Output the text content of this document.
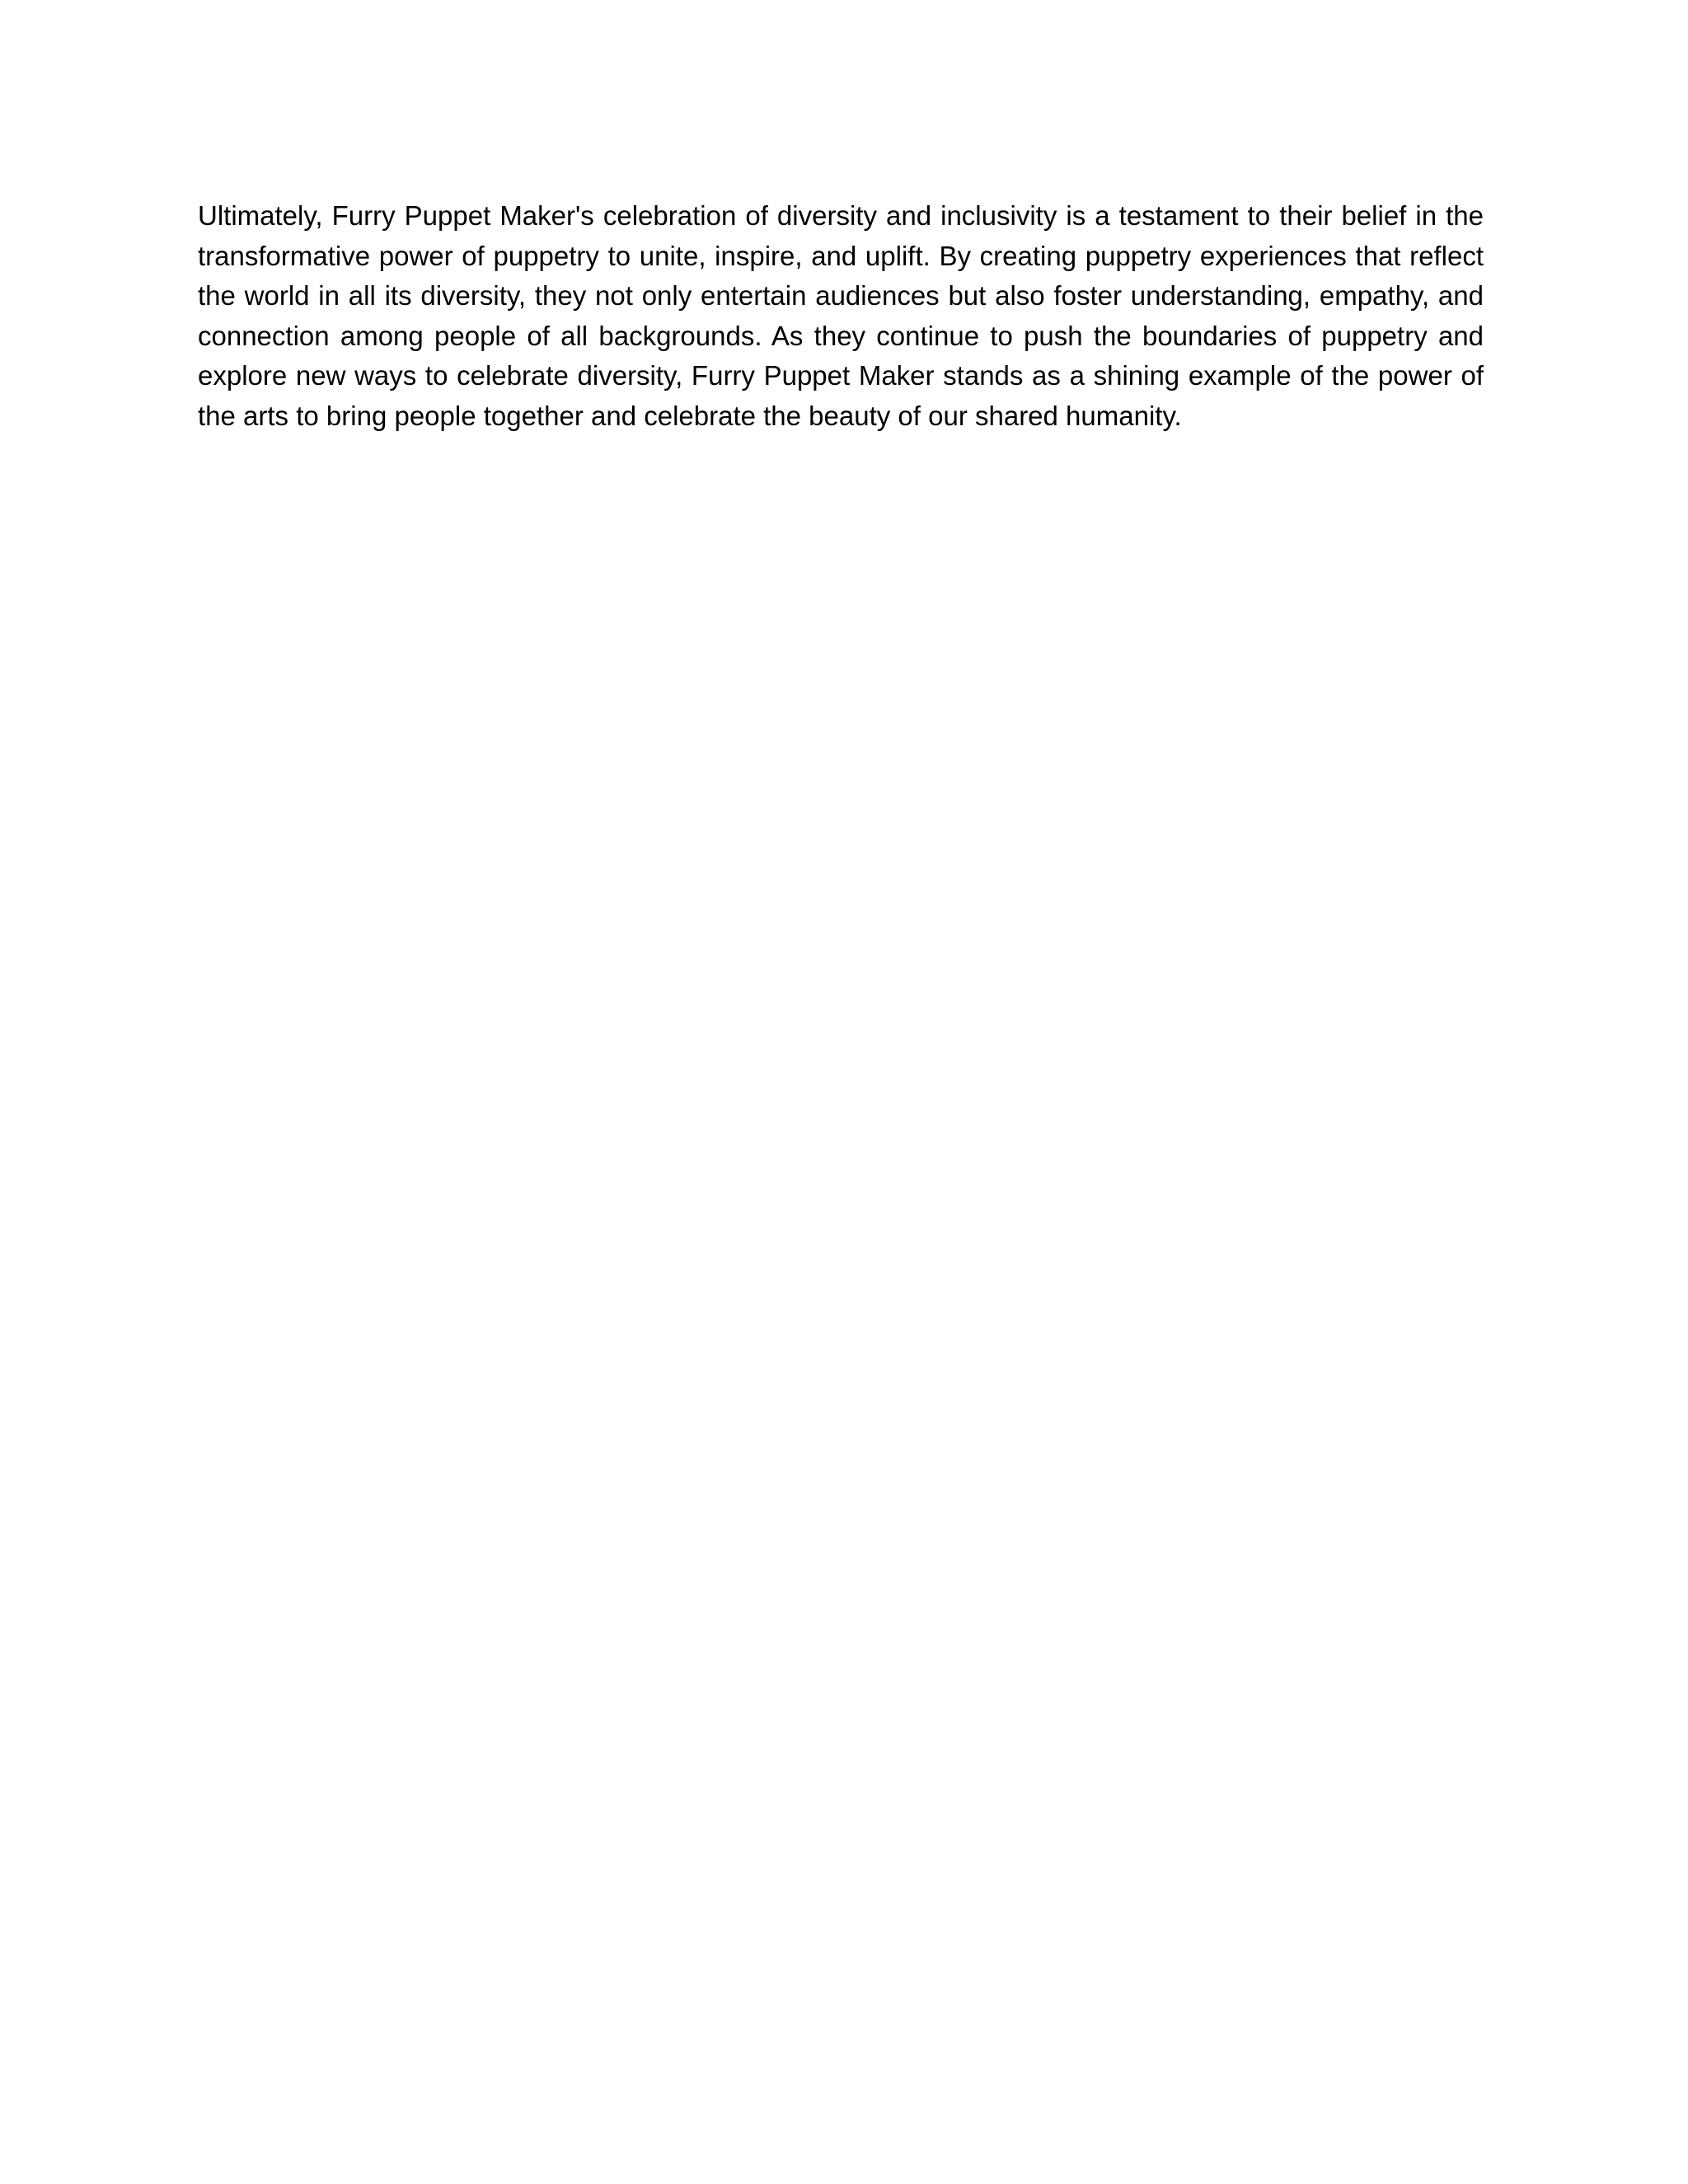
Ultimately, Furry Puppet Maker's celebration of diversity and inclusivity is a testament to their belief in the transformative power of puppetry to unite, inspire, and uplift. By creating puppetry experiences that reflect the world in all its diversity, they not only entertain audiences but also foster understanding, empathy, and connection among people of all backgrounds. As they continue to push the boundaries of puppetry and explore new ways to celebrate diversity, Furry Puppet Maker stands as a shining example of the power of the arts to bring people together and celebrate the beauty of our shared humanity.
